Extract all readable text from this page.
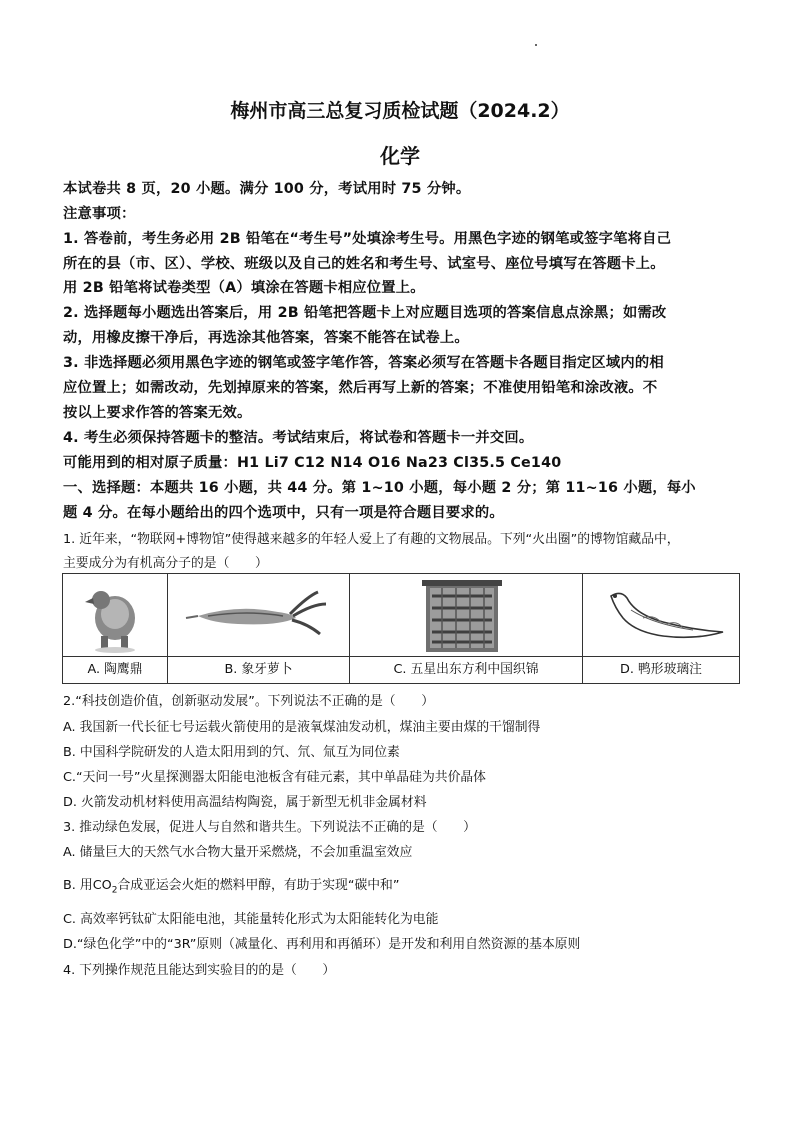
梅州市高三总复习质检试题（2024.2）
化学
本试卷共 8 页，20 小题。满分 100 分，考试用时 75 分钟。
注意事项：
1. 答卷前，考生务必用 2B 铅笔在“考生号”处填涂考生号。用黑色字迹的钢笔或签字笔将自己
所在的县（市、区）、学校、班级以及自己的姓名和考生号、试室号、座位号填写在答题卡上。
用 2B 铅笔将试卷类型（A）填涂在答题卡相应位置上。
2. 选择题每小题选出答案后，用 2B 铅笔把答题卡上对应题目选项的答案信息点涂黑；如需改
动，用橡皮擦干净后，再选涂其他答案，答案不能答在试卷上。
3. 非选择题必须用黑色字迹的钢笔或签字笔作答，答案必须写在答题卡各题目指定区域内的相
应位置上；如需改动，先划掉原来的答案，然后再写上新的答案；不准使用铅笔和涂改液。不
按以上要求作答的答案无效。
4. 考生必须保持答题卡的整洁。考试结束后，将试卷和答题卡一并交回。
可能用到的相对原子质量：H1 Li7 C12 N14 O16 Na23 Cl35.5 Ce140
一、选择题：本题共 16 小题，共 44 分。第 1~10 小题，每小题 2 分；第 11~16 小题，每小
题 4 分。在每小题给出的四个选项中，只有一项是符合题目要求的。
1. 近年来，“物联网+博物馆”使得越来越多的年轻人爱上了有趣的文物展品。下列“火出圈”的博物馆藏品中，
主要成分为有机高分子的是（　　）
A. 陶鹰鼎	B. 象牙萝卜	C. 五星出东方利中国织锦	D. 鸭形玻璃注
2.“科技创造价值，创新驱动发展”。下列说法不正确的是（　　）
A. 我国新一代长征七号运载火箭使用的是液氧煤油发动机，煤油主要由煤的干馏制得
B. 中国科学院研发的人造太阳用到的氕、氘、氚互为同位素
C.“天问一号”火星探测器太阳能电池板含有硅元素，其中单晶硅为共价晶体
D. 火箭发动机材料使用高温结构陶瓷，属于新型无机非金属材料
3. 推动绿色发展，促进人与自然和谐共生。下列说法不正确的是（　　）
A. 储量巨大的天然气水合物大量开采燃烧，不会加重温室效应
B. 用$CO_2$合成亚运会火炬的燃料甲醇，有助于实现“碳中和”
C. 高效率钙钛矿太阳能电池，其能量转化形式为太阳能转化为电能
D.“绿色化学”中的“3R”原则（减量化、再利用和再循环）是开发和利用自然资源的基本原则
4. 下列操作规范且能达到实验目的的是（　　）
